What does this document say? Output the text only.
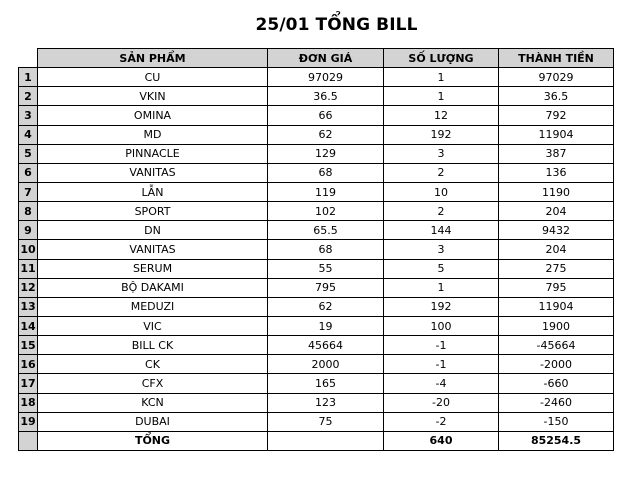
25/01 TỔNG BILL
	SẢN PHẨM	ĐƠN GIÁ	SỐ LƯỢNG	THÀNH TIỀN
1	CU	97029	1	97029
2	VKIN	36.5	1	36.5
3	OMINA	66	12	792
4	MD	62	192	11904
5	PINNACLE	129	3	387
6	VANITAS	68	2	136
7	LẪN	119	10	1190
8	SPORT	102	2	204
9	DN	65.5	144	9432
10	VANITAS	68	3	204
11	SERUM	55	5	275
12	BỘ DAKAMI	795	1	795
13	MEDUZI	62	192	11904
14	VIC	19	100	1900
15	BILL CK	45664	-1	-45664
16	CK	2000	-1	-2000
17	CFX	165	-4	-660
18	KCN	123	-20	-2460
19	DUBAI	75	-2	-150
	TỔNG		640	85254.5
